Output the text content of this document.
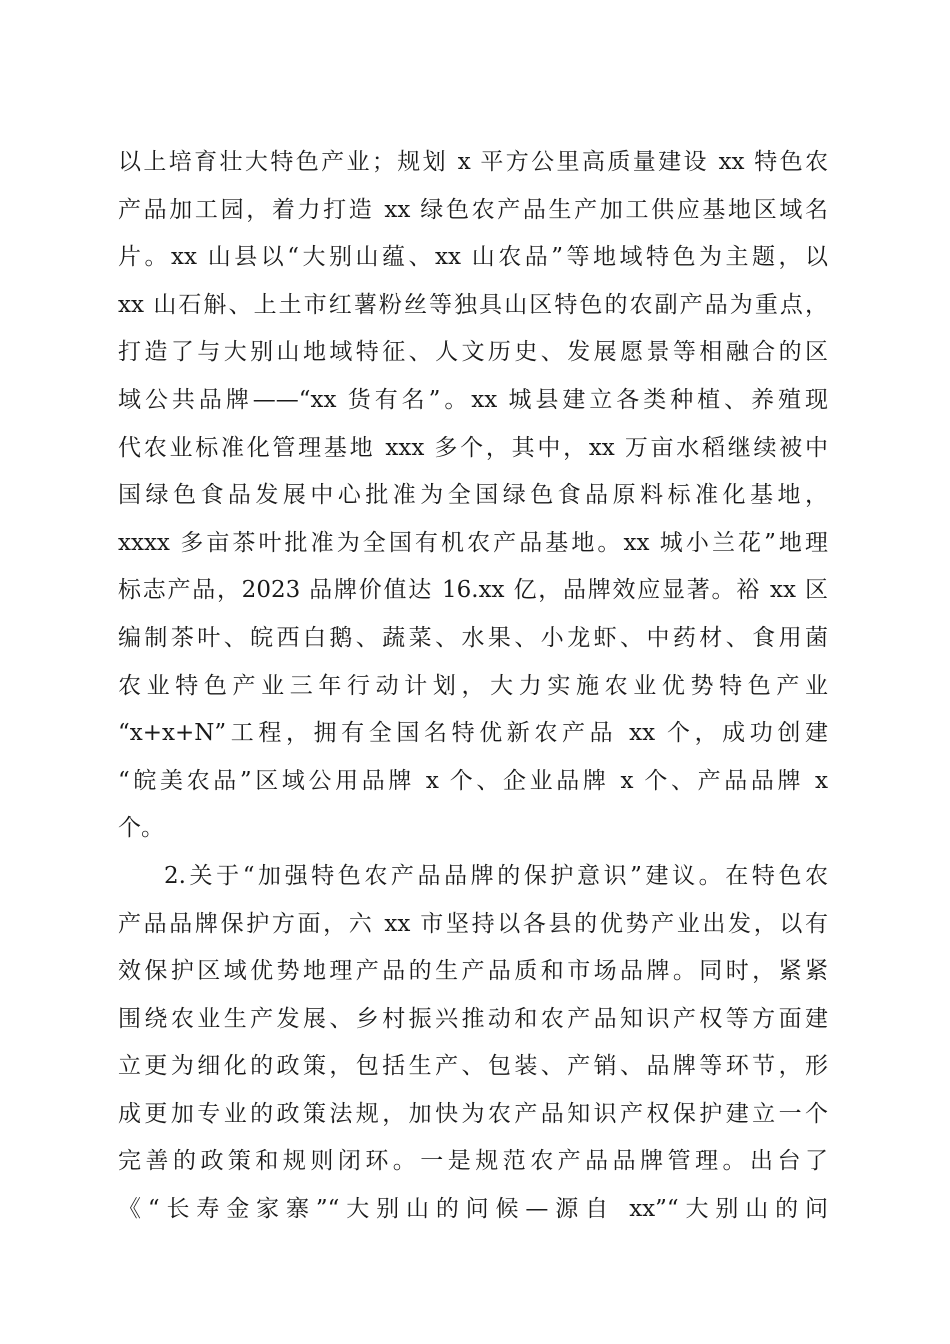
以上培育壮大特色产业；规划 x 平方公里高质量建设 xx 特色农
产品加工园，着力打造 xx 绿色农产品生产加工供应基地区域名
片。xx 山县以“大别山蕴、xx 山农品”等地域特色为主题，以
xx 山石斛、上土市红薯粉丝等独具山区特色的农副产品为重点，
打造了与大别山地域特征、人文历史、发展愿景等相融合的区
域公共品牌——“xx 货有名”。xx 城县建立各类种植、养殖现
代农业标准化管理基地 xxx 多个，其中，xx 万亩水稻继续被中
国绿色食品发展中心批准为全国绿色食品原料标准化基地，
xxxx 多亩茶叶批准为全国有机农产品基地。xx 城小兰花”地理
标志产品，2023 品牌价值达 16.xx 亿，品牌效应显著。裕 xx 区
编制茶叶、皖西白鹅、蔬菜、水果、小龙虾、中药材、食用菌
农业特色产业三年行动计划，大力实施农业优势特色产业
“x+x+N”工程，拥有全国名特优新农产品 xx 个，成功创建
“皖美农品”区域公用品牌 x 个、企业品牌 x 个、产品品牌 x
个。
2.关于“加强特色农产品品牌的保护意识”建议。在特色农
产品品牌保护方面，六 xx 市坚持以各县的优势产业出发，以有
效保护区域优势地理产品的生产品质和市场品牌。同时，紧紧
围绕农业生产发展、乡村振兴推动和农产品知识产权等方面建
立更为细化的政策，包括生产、包装、产销、品牌等环节，形
成更加专业的政策法规，加快为农产品知识产权保护建立一个
完善的政策和规则闭环。一是规范农产品品牌管理。出台了
《“长寿金家寨”“大别山的问候—源自 xx”“大别山的问
